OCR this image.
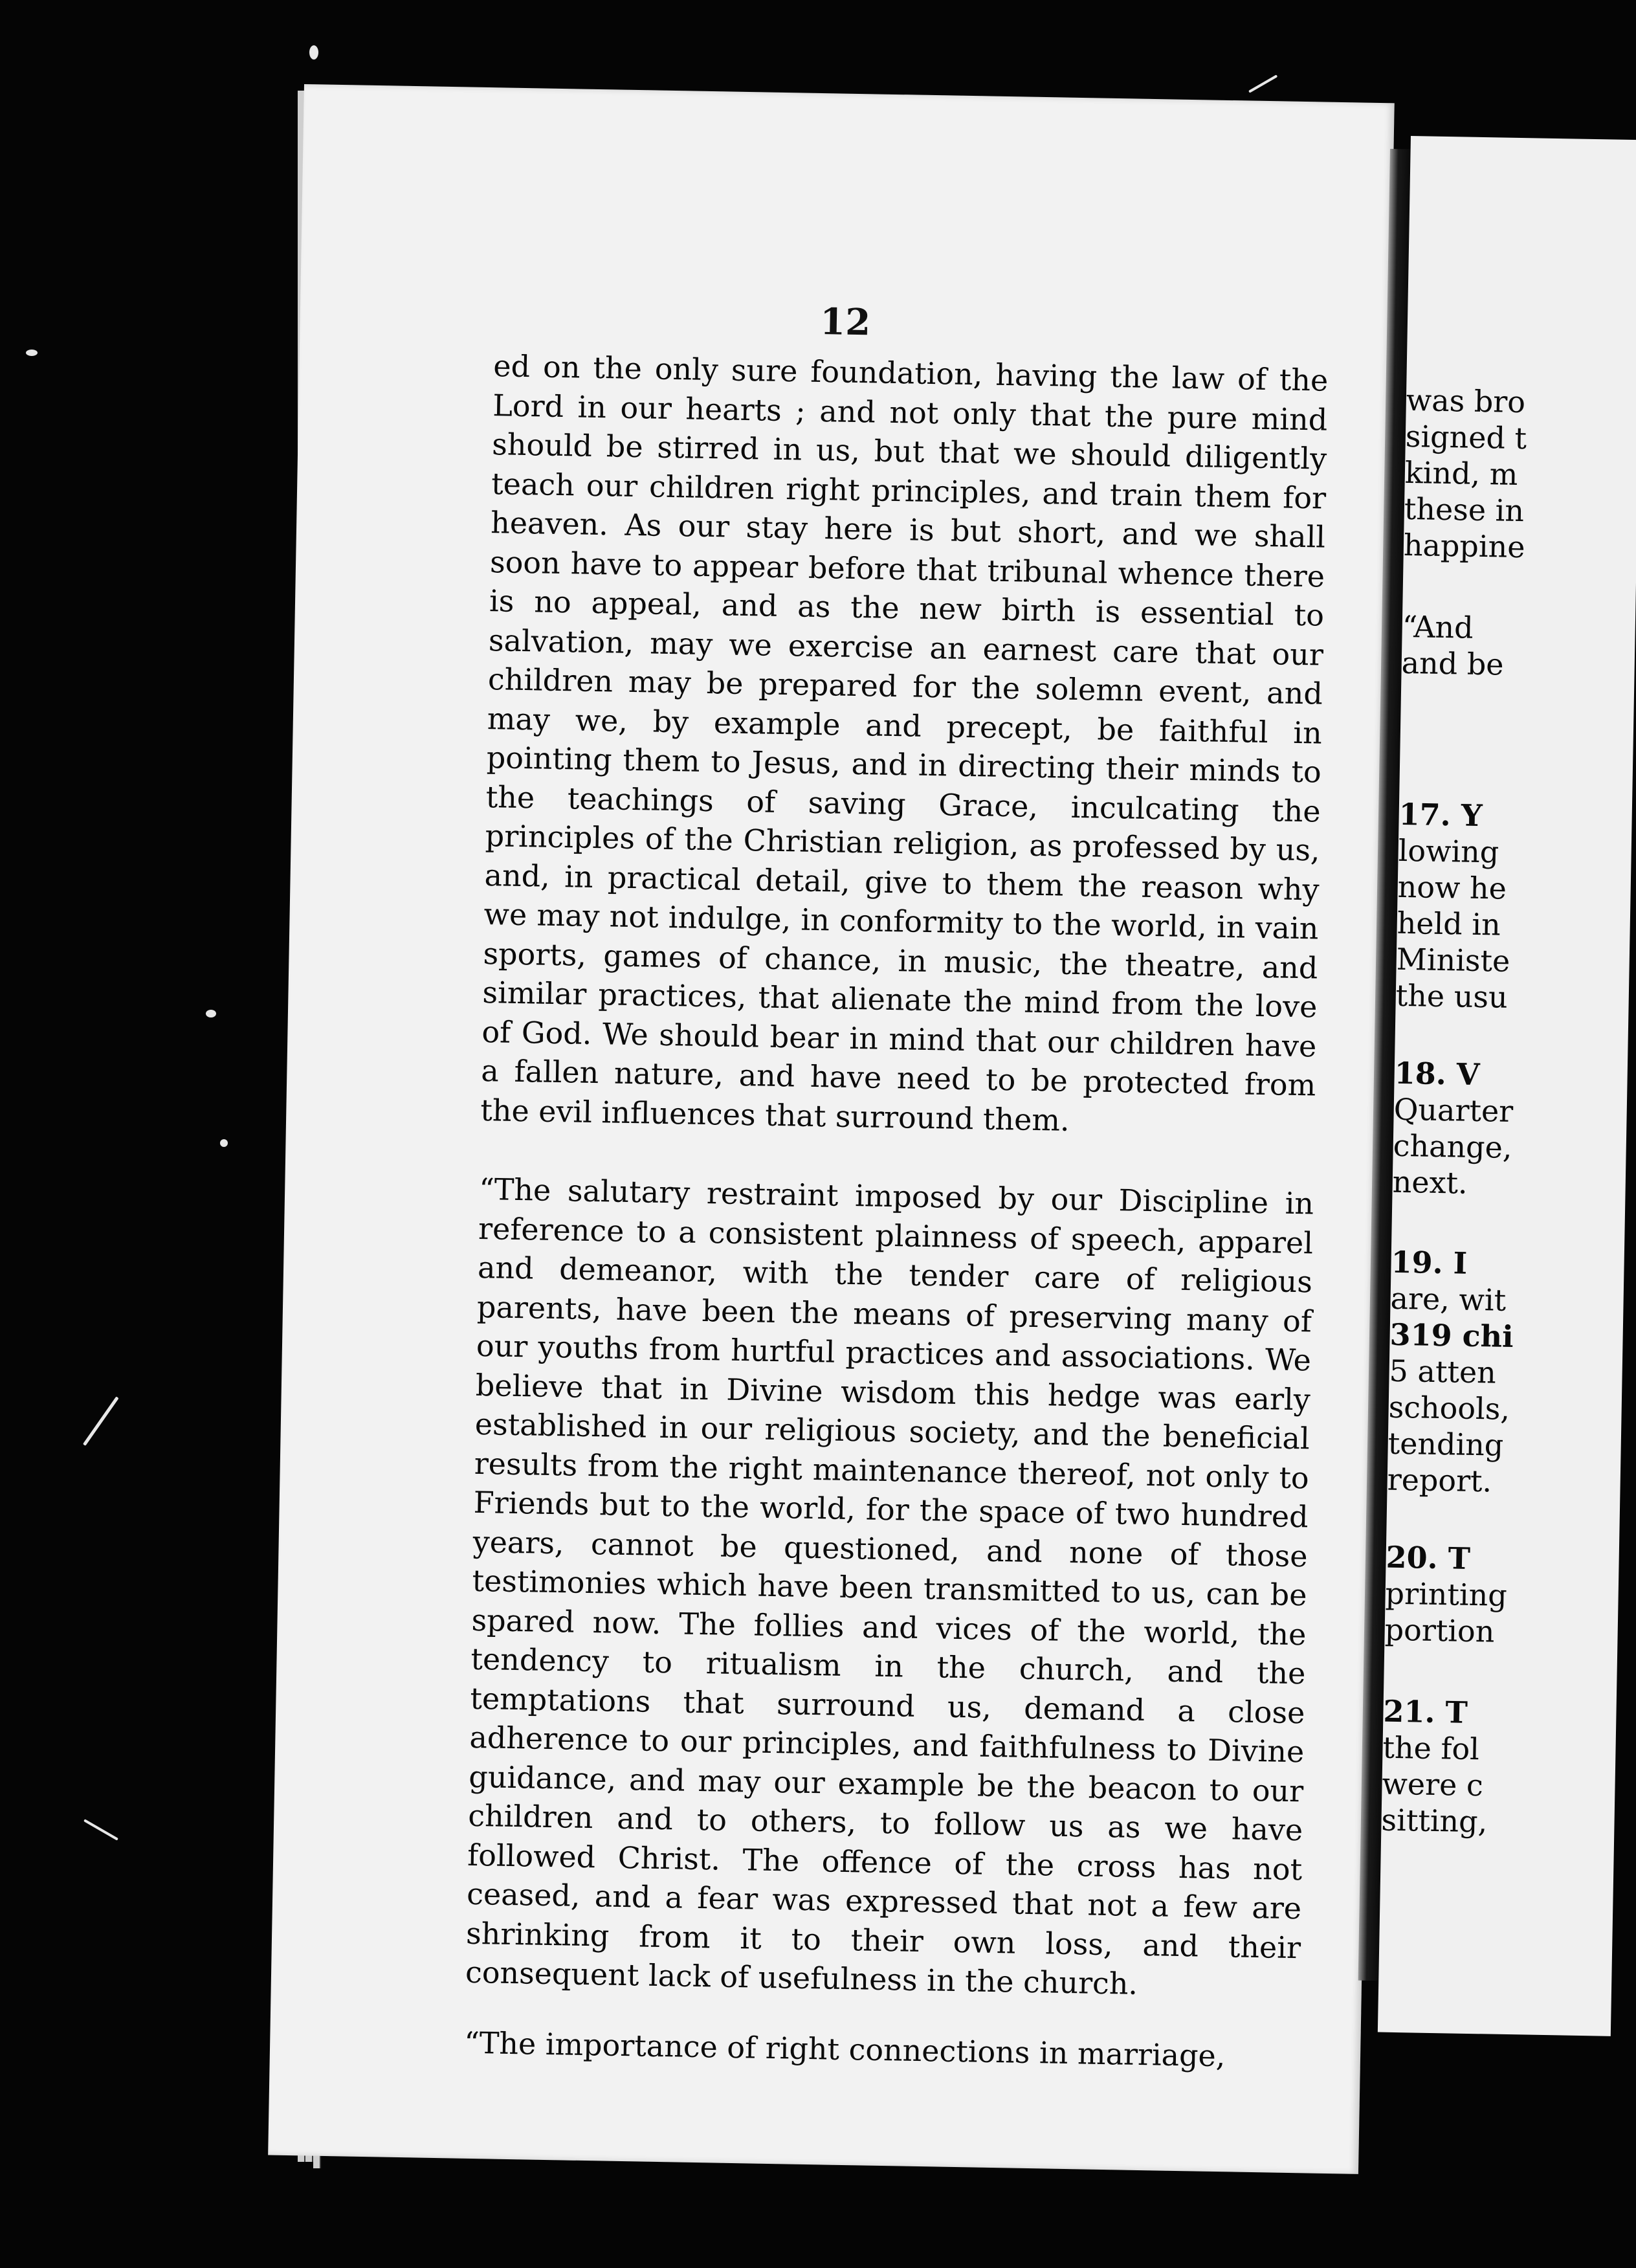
12

ed on the only sure foundation, having the law of the Lord in our hearts ; and not only that the pure mind should be stirred in us, but that we should diligently teach our children right principles, and train them for heaven. As our stay here is but short, and we shall soon have to appear before that tribunal whence there is no appeal, and as the new birth is essential to salvation, may we exercise an earnest care that our children may be prepared for the solemn event, and may we, by example and precept, be faithful in pointing them to Jesus, and in directing their minds to the teachings of saving Grace, inculcating the principles of the Christian religion, as professed by us, and, in practical detail, give to them the reason why we may not indulge, in conformity to the world, in vain sports, games of chance, in music, the theatre, and similar practices, that alienate the mind from the love of God. We should bear in mind that our children have a fallen nature, and have need to be protected from the evil influences that surround them.

“The salutary restraint imposed by our Discipline in reference to a consistent plainness of speech, apparel and demeanor, with the tender care of religious parents, have been the means of preserving many of our youths from hurtful practices and associations. We believe that in Divine wisdom this hedge was early established in our religious society, and the beneficial results from the right maintenance thereof, not only to Friends but to the world, for the space of two hundred years, cannot be questioned, and none of those testimonies which have been transmitted to us, can be spared now. The follies and vices of the world, the tendency to ritualism in the church, and the temptations that surround us, demand a close adherence to our principles, and faithfulness to Divine guidance, and may our example be the beacon to our children and to others, to follow us as we have followed Christ. The offence of the cross has not ceased, and a fear was expressed that not a few are shrinking from it to their own loss, and their consequent lack of usefulness in the church.

“The importance of right connections in marriage,

was bro
signed t
kind, m
these in
happine
“And
and be
17. Y
lowing
now he
held in
Ministe
the usu
18. V
Quarter
change,
next.
19. I
are, wit
319 chi
5 atten
schools,
tending
report.
20. T
printing
portion
21. T
the fol
were c
sitting,
